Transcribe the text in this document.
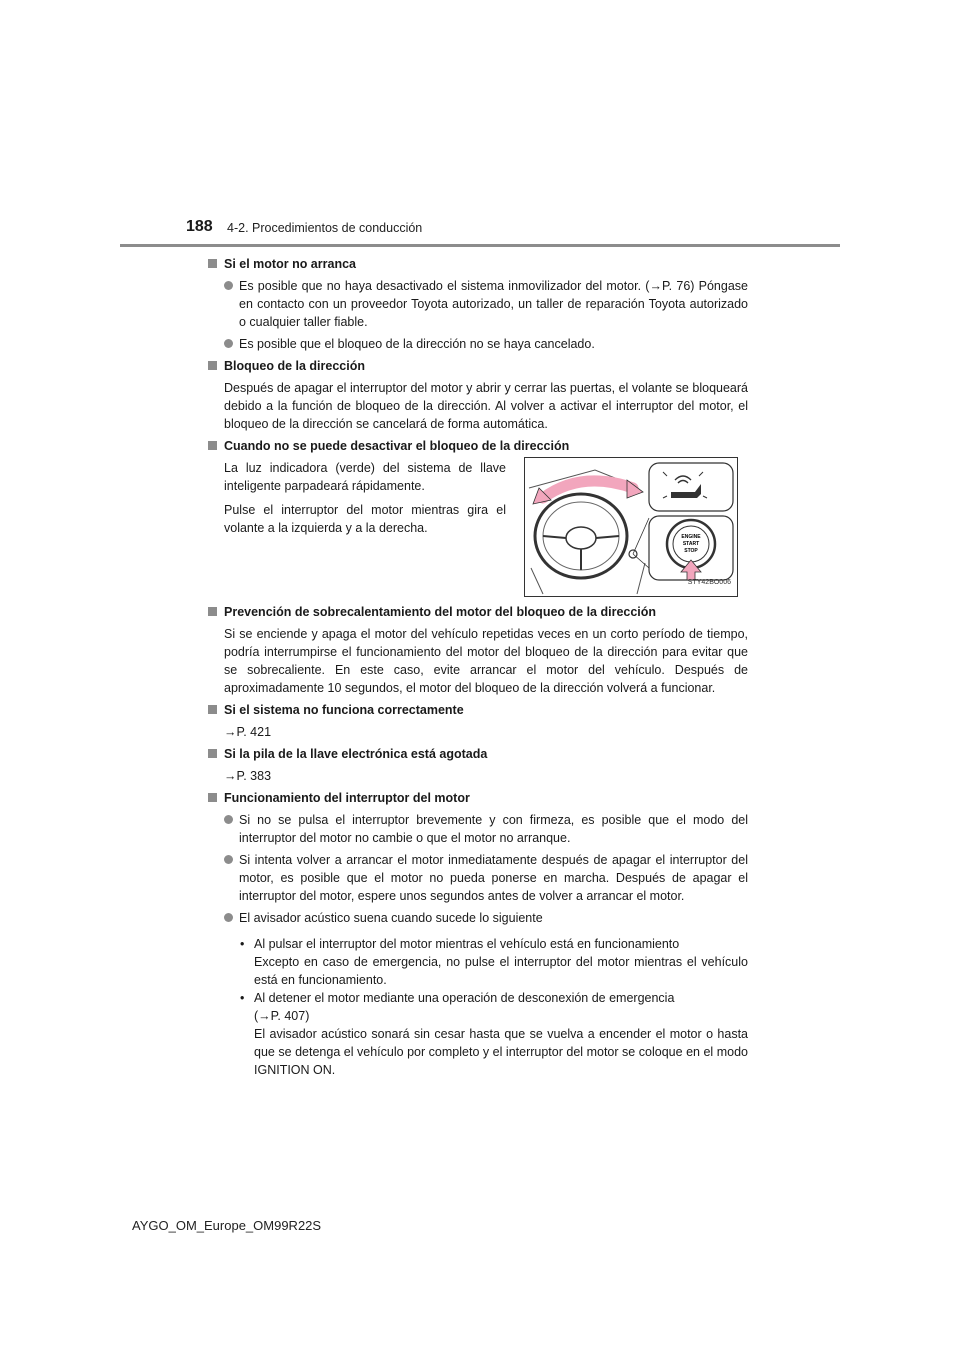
188 4-2. Procedimientos de conducción
Si el motor no arranca
Es posible que no haya desactivado el sistema inmovilizador del motor. (→P. 76) Póngase en contacto con un proveedor Toyota autorizado, un taller de reparación Toyota autorizado o cualquier taller fiable.
Es posible que el bloqueo de la dirección no se haya cancelado.
Bloqueo de la dirección
Después de apagar el interruptor del motor y abrir y cerrar las puertas, el volante se bloqueará debido a la función de bloqueo de la dirección. Al volver a activar el interruptor del motor, el bloqueo de la dirección se cancelará de forma automática.
Cuando no se puede desactivar el bloqueo de la dirección

La luz indicadora (verde) del sistema de llave inteligente parpadeará rápidamente.

Pulse el interruptor del motor mientras gira el volante a la izquierda y a la derecha.

ENGINE
START
STOP
STY42BO006
Prevención de sobrecalentamiento del motor del bloqueo de la dirección
Si se enciende y apaga el motor del vehículo repetidas veces en un corto período de tiempo, podría interrumpirse el funcionamiento del motor del bloqueo de la dirección para evitar que se sobrecaliente. En este caso, evite arrancar el motor del vehículo. Después de aproximadamente 10 segundos, el motor del bloqueo de la dirección volverá a funcionar.
Si el sistema no funciona correctamente
→P. 421
Si la pila de la llave electrónica está agotada
→P. 383
Funcionamiento del interruptor del motor
Si no se pulsa el interruptor brevemente y con firmeza, es posible que el modo del interruptor del motor no cambie o que el motor no arranque.
Si intenta volver a arrancar el motor inmediatamente después de apagar el interruptor del motor, es posible que el motor no pueda ponerse en marcha. Después de apagar el interruptor del motor, espere unos segundos antes de volver a arrancar el motor.
El avisador acústico suena cuando sucede lo siguiente
• Al pulsar el interruptor del motor mientras el vehículo está en funcionamiento
Excepto en caso de emergencia, no pulse el interruptor del motor mientras el vehículo está en funcionamiento.
• Al detener el motor mediante una operación de desconexión de emergencia
(→P. 407)
El avisador acústico sonará sin cesar hasta que se vuelva a encender el motor o hasta que se detenga el vehículo por completo y el interruptor del motor se coloque en el modo IGNITION ON.
AYGO_OM_Europe_OM99R22S
